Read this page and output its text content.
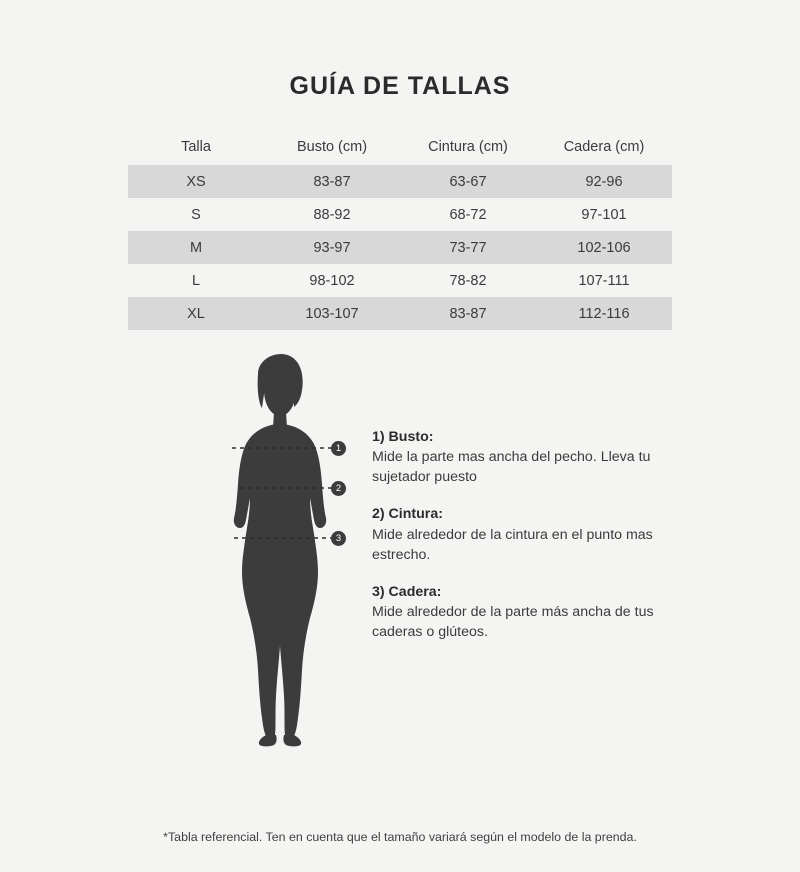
GUÍA DE TALLAS
Talla	Busto (cm)	Cintura (cm)	Cadera (cm)
XS	83-87	63-67	92-96
S	88-92	68-72	97-101
M	93-97	73-77	102-106
L	98-102	78-82	107-111
XL	103-107	83-87	112-116
1
2
3
1) Busto:
Mide la parte mas ancha del pecho. Lleva tu sujetador puesto
2) Cintura:
Mide alrededor de la cintura en el punto mas estrecho.
3) Cadera:
Mide alrededor de la parte más ancha de tus caderas o glúteos.
*Tabla referencial. Ten en cuenta que el tamaño variará según el modelo de la prenda.
